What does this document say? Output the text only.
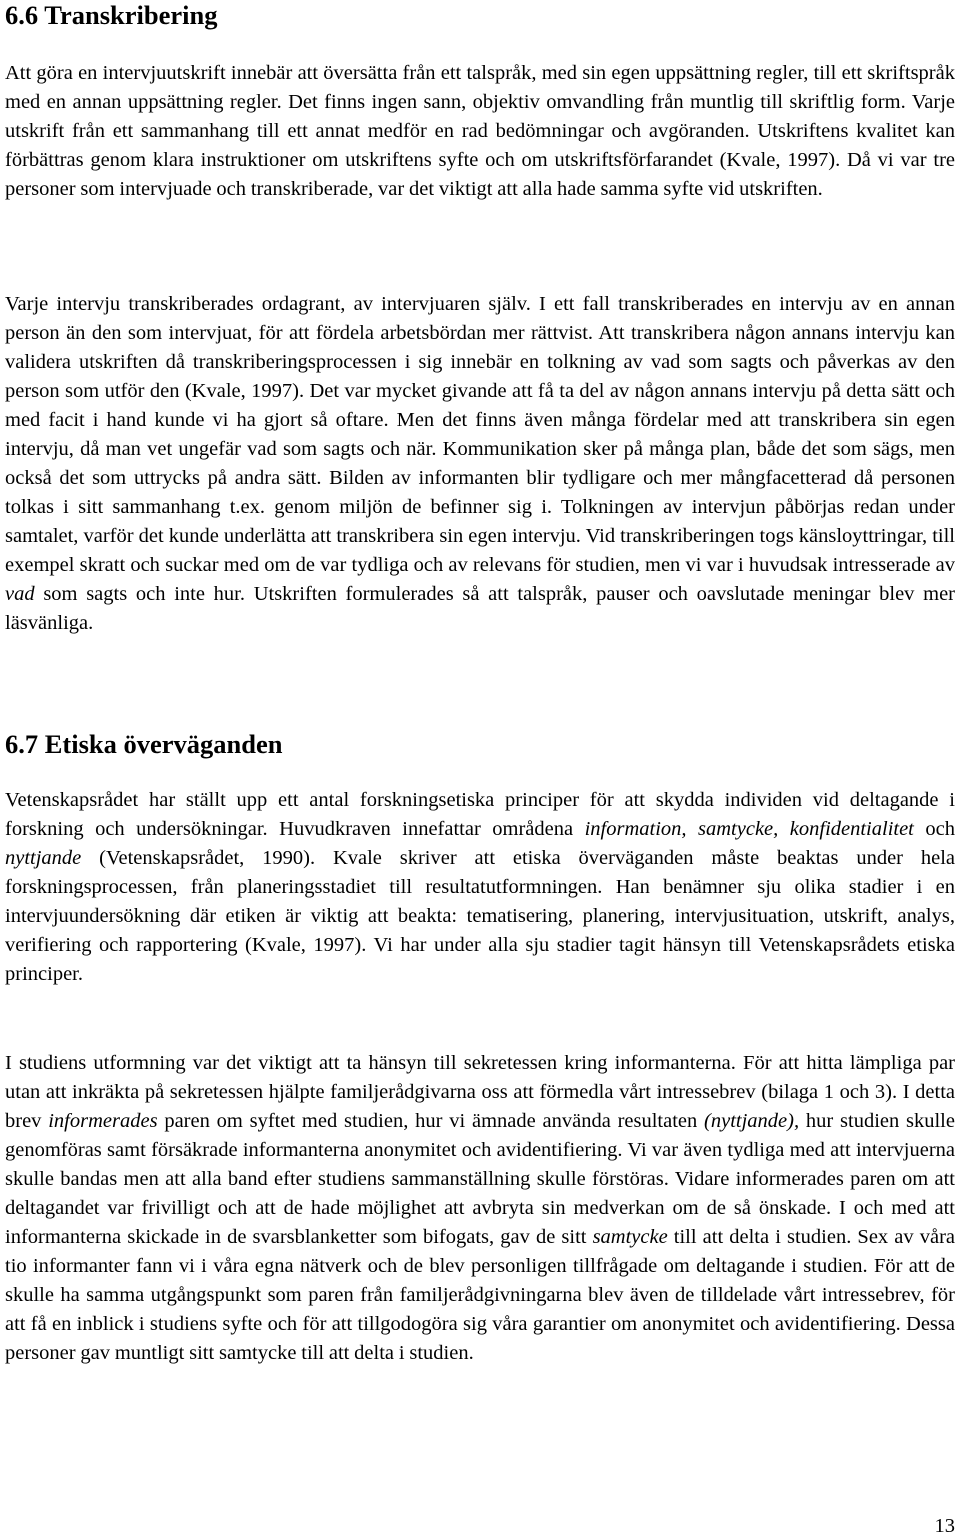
6.6 Transkribering

Att göra en intervjuutskrift innebär att översätta från ett talspråk, med sin egen uppsättning regler, till ett skriftspråk med en annan uppsättning regler. Det finns ingen sann, objektiv omvandling från muntlig till skriftlig form. Varje utskrift från ett sammanhang till ett annat medför en rad bedömningar och avgöranden. Utskriftens kvalitet kan förbättras genom klara instruktioner om utskriftens syfte och om utskriftsförfarandet (Kvale, 1997). Då vi var tre personer som intervjuade och transkriberade, var det viktigt att alla hade samma syfte vid utskriften.

Varje intervju transkriberades ordagrant, av intervjuaren själv. I ett fall transkriberades en intervju av en annan person än den som intervjuat, för att fördela arbetsbördan mer rättvist. Att transkribera någon annans intervju kan validera utskriften då transkriberingsprocessen i sig innebär en tolkning av vad som sagts och påverkas av den person som utför den (Kvale, 1997). Det var mycket givande att få ta del av någon annans intervju på detta sätt och med facit i hand kunde vi ha gjort så oftare. Men det finns även många fördelar med att transkribera sin egen intervju, då man vet ungefär vad som sagts och när. Kommunikation sker på många plan, både det som sägs, men också det som uttrycks på andra sätt. Bilden av informanten blir tydligare och mer mångfacetterad då personen tolkas i sitt sammanhang t.ex. genom miljön de befinner sig i. Tolkningen av intervjun påbörjas redan under samtalet, varför det kunde underlätta att transkribera sin egen intervju. Vid transkriberingen togs känsloyttringar, till exempel skratt och suckar med om de var tydliga och av relevans för studien, men vi var i huvudsak intresserade av vad som sagts och inte hur. Utskriften formulerades så att talspråk, pauser och oavslutade meningar blev mer läsvänliga.

6.7 Etiska överväganden

Vetenskapsrådet har ställt upp ett antal forskningsetiska principer för att skydda individen vid deltagande i forskning och undersökningar. Huvudkraven innefattar områdena information, samtycke, konfidentialitet och nyttjande (Vetenskapsrådet, 1990). Kvale skriver att etiska överväganden måste beaktas under hela forskningsprocessen, från planeringsstadiet till resultatutformningen. Han benämner sju olika stadier i en intervjuundersökning där etiken är viktig att beakta: tematisering, planering, intervjusituation, utskrift, analys, verifiering och rapportering (Kvale, 1997). Vi har under alla sju stadier tagit hänsyn till Vetenskapsrådets etiska principer.

I studiens utformning var det viktigt att ta hänsyn till sekretessen kring informanterna. För att hitta lämpliga par utan att inkräkta på sekretessen hjälpte familjerådgivarna oss att förmedla vårt intressebrev (bilaga 1 och 3). I detta brev informerades paren om syftet med studien, hur vi ämnade använda resultaten (nyttjande), hur studien skulle genomföras samt försäkrade informanterna anonymitet och avidentifiering. Vi var även tydliga med att intervjuerna skulle bandas men att alla band efter studiens sammanställning skulle förstöras. Vidare informerades paren om att deltagandet var frivilligt och att de hade möjlighet att avbryta sin medverkan om de så önskade. I och med att informanterna skickade in de svarsblanketter som bifogats, gav de sitt samtycke till att delta i studien. Sex av våra tio informanter fann vi i våra egna nätverk och de blev personligen tillfrågade om deltagande i studien. För att de skulle ha samma utgångspunkt som paren från familjerådgivningarna blev även de tilldelade vårt intressebrev, för att få en inblick i studiens syfte och för att tillgodogöra sig våra garantier om anonymitet och avidentifiering. Dessa personer gav muntligt sitt samtycke till att delta i studien.

13
